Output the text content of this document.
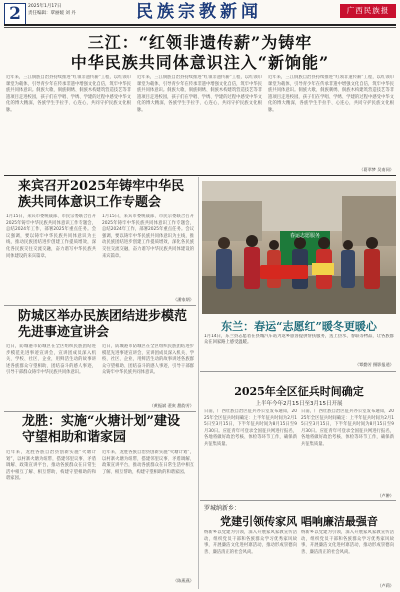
2	2025年1月17日
责任编辑：覃丽媛 刘 丹	民族宗教新闻	广西民族报
三江：“红领非遗传薪”为铸牢
中华民族共同体意识注入“新饷能”
近年来，三江侗族自治县持续推进“红领非遗传薪”工程，以红领巾课堂为载体，引导青少年在传承非遗中增强文化自信，筑牢中华民族共同体意识。侗族大歌、侗族刺绣、侗族木构建筑营造技艺等非遗项目走进校园，孩子们在学唱、学绣、学建的过程中感受中华文化的博大精深，各族学生手拉手、心连心，共同守护民族文化根脉。
近年来，三江侗族自治县持续推进“红领非遗传薪”工程，以红领巾课堂为载体，引导青少年在传承非遗中增强文化自信，筑牢中华民族共同体意识。侗族大歌、侗族刺绣、侗族木构建筑营造技艺等非遗项目走进校园，孩子们在学唱、学绣、学建的过程中感受中华文化的博大精深，各族学生手拉手、心连心，共同守护民族文化根脉。
近年来，三江侗族自治县持续推进“红领非遗传薪”工程，以红领巾课堂为载体，引导青少年在传承非遗中增强文化自信，筑牢中华民族共同体意识。侗族大歌、侗族刺绣、侗族木构建筑营造技艺等非遗项目走进校园，孩子们在学唱、学绣、学建的过程中感受中华文化的博大精深，各族学生手拉手、心连心，共同守护民族文化根脉。
（葛翠梦 吴南同）
来宾召开2025年铸牢中华民族共同体意识工作专题会
1月15日，来宾市委统战部、市民宗委联合召开2025年铸牢中华民族共同体意识工作专题会，总结2024年工作，部署2025年重点任务。会议强调，要以铸牢中华民族共同体意识为主线，推动民族团结进步创建工作提质增效，深化各民族交往交流交融，奋力谱写中华民族共同体建设的来宾篇章。
1月15日，来宾市委统战部、市民宗委联合召开2025年铸牢中华民族共同体意识工作专题会，总结2024年工作，部署2025年重点任务。会议强调，要以铸牢中华民族共同体意识为主线，推动民族团结进步创建工作提质增效，深化各民族交往交流交融，奋力谱写中华民族共同体建设的来宾篇章。
（潘家炳）
防城区举办民族团结进步模范先进事迹宣讲会
近日，防城港市防城区在全区组织民族团结进步模范先进事迹宣讲会，宣讲团成员深入机关、学校、社区、企业，用鲜活生动的故事讲述各族群众守望相助、团结奋斗的感人事迹，引导干部群众铸牢中华民族共同体意识。
近日，防城港市防城区在全区组织民族团结进步模范先进事迹宣讲会，宣讲团成员深入机关、学校、社区、企业，用鲜活生动的故事讲述各族群众守望相助、团结奋斗的感人事迹，引导干部群众铸牢中华民族共同体意识。
（黄振斌 裴寅 甜韵芳）
龙胜：实施“火塘计划”建设守望相助和谐家园
近年来，龙胜各族自治县创新实施“火塘计划”，以村寨火塘为纽带，搭建邻里议事、矛盾调解、政策宣讲平台，推动各族群众在日常生活中相互了解、相互帮助，构建守望相助的和谐家园。
近年来，龙胜各族自治县创新实施“火塘计划”，以村寨火塘为纽带，搭建邻里议事、矛盾调解、政策宣讲平台，推动各族群众在日常生活中相互了解、相互帮助，构建守望相助的和谐家园。
（陈燕燕）
春运志愿服务
东兰：春运“志愿红”暖冬更暖心
1月14日，东兰县志愿者在县城汽车站为返乡旅客提供帮扶服务，送上热水、春联等物品，让各族群众在回家路上感受温暖。
（覃勤芳 摄影报道）
2025年全区征兵时间确定
上半年今年2月15日至3月15日开展
日前，广西壮族自治区征兵办公室发布通知，2025年全区征兵时间确定：上半年征兵时间为2月15日至3月15日，下半年征兵时间为8月15日至9月30日。应征青年可登录全国征兵网进行报名，各地将做好政治考核、体检等环节工作，确保新兵征集质量。
日前，广西壮族自治区征兵办公室发布通知，2025年全区征兵时间确定：上半年征兵时间为2月15日至3月15日，下半年征兵时间为8月15日至9月30日。应征青年可登录全国征兵网进行报名，各地将做好政治考核、体检等环节工作，确保新兵征集质量。
（卢翀）
罗城纳新乡：
党建引领传家风 唱响廉洁最强音
纳新乡以党建为引领，深入开展家风家教宣传活动，组织党员干部和各族群众学习优秀家风故事，开展廉洁文化进村寨活动，推动形成崇德向善、廉洁清正的社会风尚。
纳新乡以党建为引领，深入开展家风家教宣传活动，组织党员干部和各族群众学习优秀家风故事，开展廉洁文化进村寨活动，推动形成崇德向善、廉洁清正的社会风尚。
（卢莉）
